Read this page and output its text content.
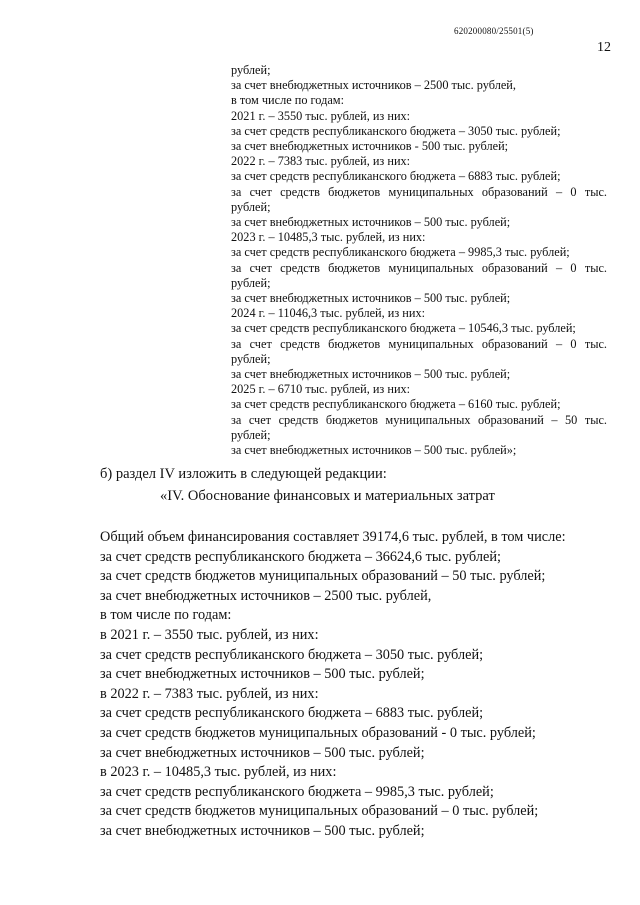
620200080/25501(5)
12
рублей;
за счет внебюджетных источников – 2500 тыс. рублей,
в том числе по годам:
2021 г. – 3550 тыс. рублей, из них:
за счет средств республиканского бюджета – 3050 тыс. рублей;
за счет внебюджетных источников - 500 тыс. рублей;
2022 г. – 7383 тыс. рублей, из них:
за счет средств республиканского бюджета – 6883 тыс. рублей;
за счет средств бюджетов муниципальных образований – 0 тыс.
рублей;
за счет внебюджетных источников – 500 тыс. рублей;
2023 г. – 10485,3 тыс. рублей, из них:
за счет средств республиканского бюджета – 9985,3 тыс. рублей;
за счет средств бюджетов муниципальных образований – 0 тыс.
рублей;
за счет внебюджетных источников – 500 тыс. рублей;
2024 г. – 11046,3 тыс. рублей, из них:
за счет средств республиканского бюджета – 10546,3 тыс. рублей;
за счет средств бюджетов муниципальных образований – 0 тыс.
рублей;
за счет внебюджетных источников – 500 тыс. рублей;
2025 г. – 6710 тыс. рублей, из них:
за счет средств республиканского бюджета – 6160 тыс. рублей;
за счет средств бюджетов муниципальных образований – 50 тыс.
рублей;
за счет внебюджетных источников – 500 тыс. рублей»;
б) раздел IV изложить в следующей редакции:
«IV. Обоснование финансовых и материальных затрат
Общий объем финансирования составляет 39174,6 тыс. рублей, в том числе:
за счет средств республиканского бюджета – 36624,6 тыс. рублей;
за счет средств бюджетов муниципальных образований – 50 тыс. рублей;
за счет внебюджетных источников – 2500 тыс. рублей,
в том числе по годам:
в 2021 г. – 3550 тыс. рублей, из них:
за счет средств республиканского бюджета – 3050 тыс. рублей;
за счет внебюджетных источников – 500 тыс. рублей;
в 2022 г. – 7383 тыс. рублей, из них:
за счет средств республиканского бюджета – 6883 тыс. рублей;
за счет средств бюджетов муниципальных образований - 0 тыс. рублей;
за счет внебюджетных источников – 500 тыс. рублей;
в 2023 г. – 10485,3 тыс. рублей, из них:
за счет средств республиканского бюджета – 9985,3 тыс. рублей;
за счет средств бюджетов муниципальных образований – 0 тыс. рублей;
за счет внебюджетных источников – 500 тыс. рублей;
